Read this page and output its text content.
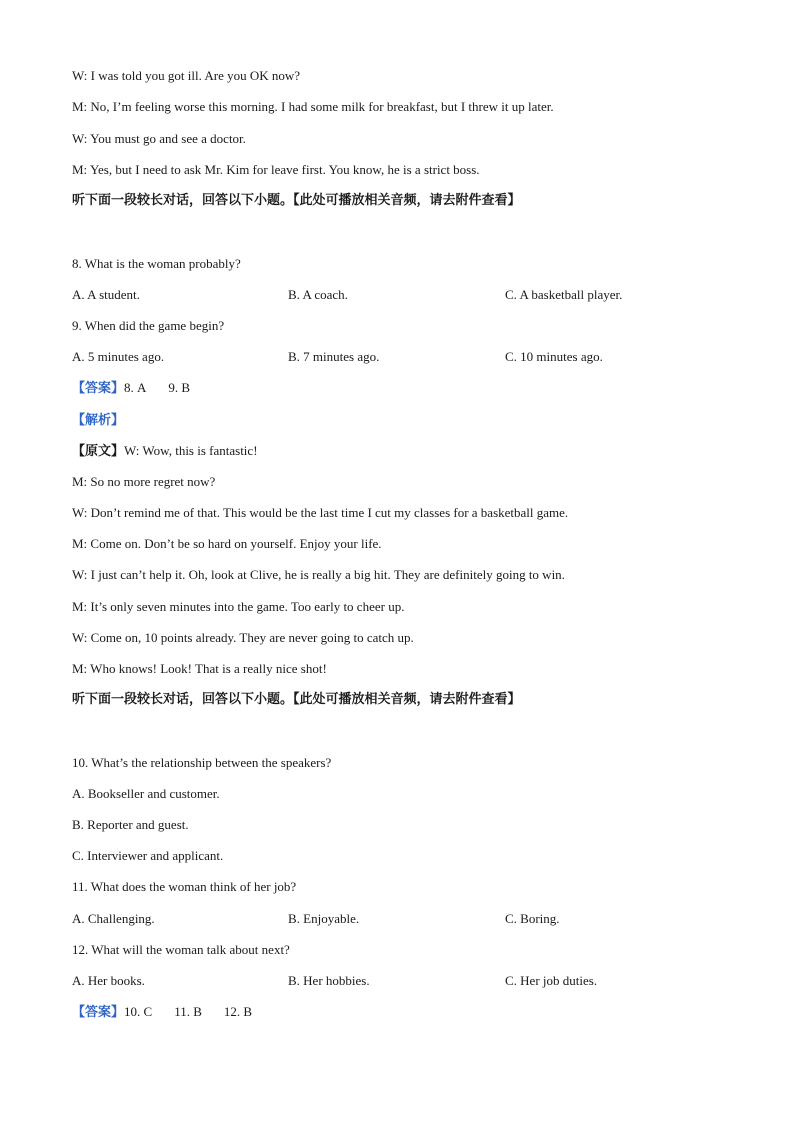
W: I was told you got ill. Are you OK now?
M: No, I’m feeling worse this morning. I had some milk for breakfast, but I threw it up later.
W: You must go and see a doctor.
M: Yes, but I need to ask Mr. Kim for leave first. You know, he is a strict boss.
听下面一段较长对话，回答以下小题。【此处可播放相关音频，请去附件查看】
8. What is the woman probably?
A. A student.	B. A coach.	C. A basketball player.
9. When did the game begin?
A. 5 minutes ago.	B. 7 minutes ago.	C. 10 minutes ago.
【答案】8. A 9. B
【解析】
【原文】W: Wow, this is fantastic!
M: So no more regret now?
W: Don’t remind me of that. This would be the last time I cut my classes for a basketball game.
M: Come on. Don’t be so hard on yourself. Enjoy your life.
W: I just can’t help it. Oh, look at Clive, he is really a big hit. They are definitely going to win.
M: It’s only seven minutes into the game. Too early to cheer up.
W: Come on, 10 points already. They are never going to catch up.
M: Who knows! Look! That is a really nice shot!
听下面一段较长对话，回答以下小题。【此处可播放相关音频，请去附件查看】
10. What’s the relationship between the speakers?
A. Bookseller and customer.
B. Reporter and guest.
C. Interviewer and applicant.
11. What does the woman think of her job?
A. Challenging.	B. Enjoyable.	C. Boring.
12. What will the woman talk about next?
A. Her books.	B. Her hobbies.	C. Her job duties.
【答案】10. C 11. B 12. B
